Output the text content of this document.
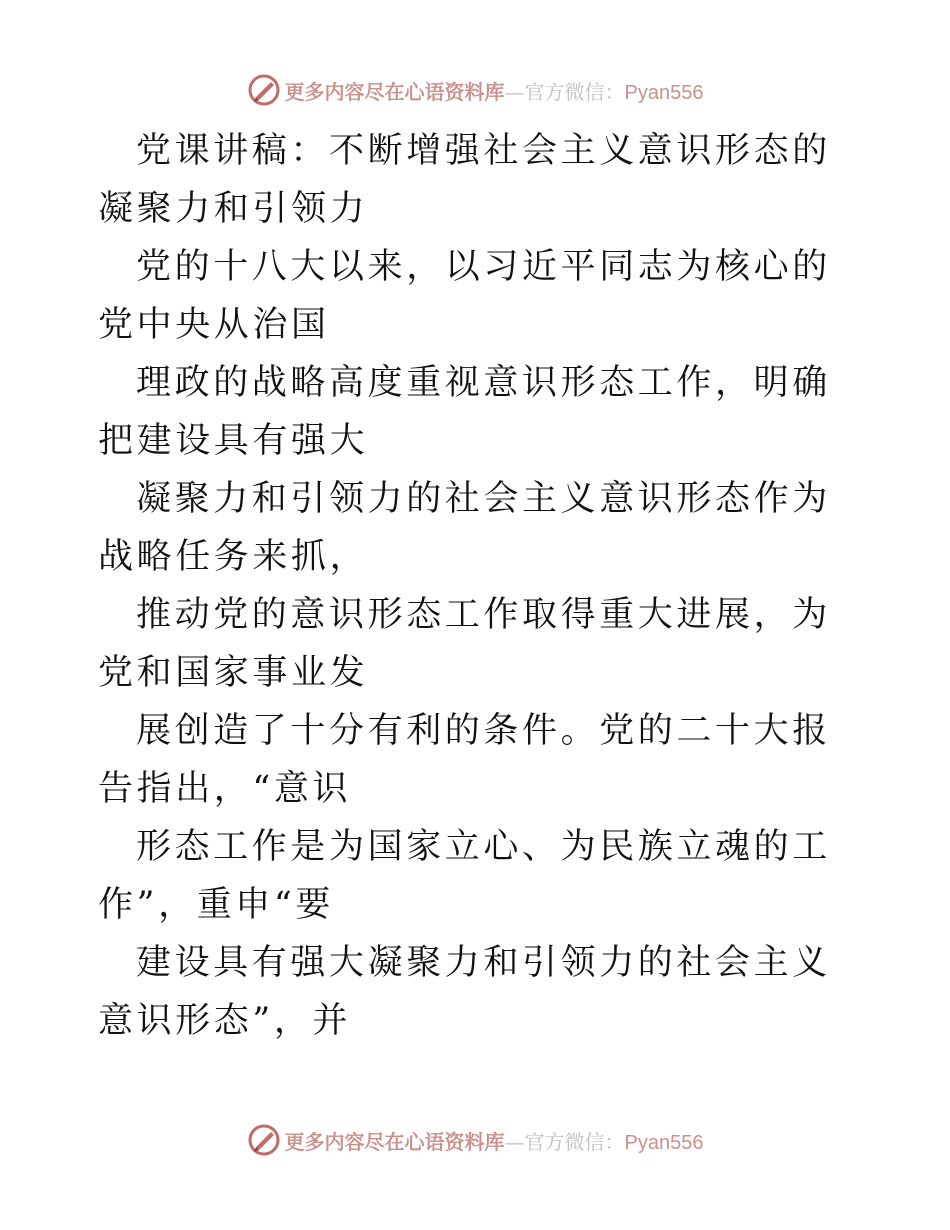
更多内容尽在心语资料库—官方微信：Pyan556

党课讲稿：不断增强社会主义意识形态的凝聚力和引领力

党的十八大以来，以习近平同志为核心的党中央从治国

理政的战略高度重视意识形态工作，明确把建设具有强大

凝聚力和引领力的社会主义意识形态作为战略任务来抓，

推动党的意识形态工作取得重大进展，为党和国家事业发

展创造了十分有利的条件。党的二十大报告指出，“意识

形态工作是为国家立心、为民族立魂的工作”，重申“要

建设具有强大凝聚力和引领力的社会主义意识形态”，并

更多内容尽在心语资料库—官方微信：Pyan556
